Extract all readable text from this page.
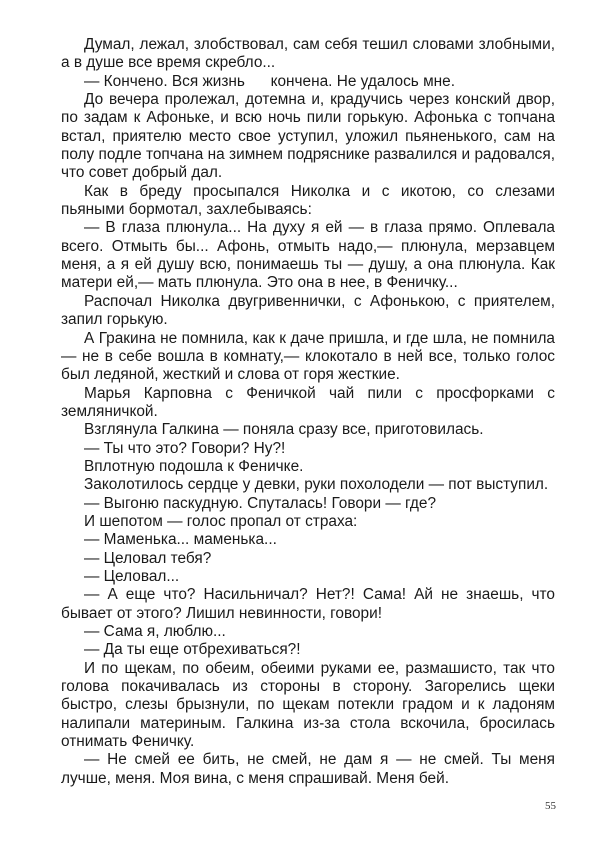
Думал, лежал, злобствовал, сам себя тешил словами злобными, а в душе все время скребло...

— Кончено. Вся жизнь      кончена. Не удалось мне.

До вечера пролежал, дотемна и, крадучись через конский двор, по задам к Афоньке, и всю ночь пили горькую. Афонька с топчана встал, приятелю место свое уступил, уложил пьяненького, сам на полу подле топчана на зимнем подряснике развалился и радовался, что совет добрый дал.

Как в бреду просыпался Николка и с икотою, со слезами пьяными бормотал, захлебываясь:

— В глаза плюнула... На духу я ей — в глаза прямо. Оплевала всего. Отмыть бы... Афонь, отмыть надо,— плюнула, мерзавцем меня, а я ей душу всю, понимаешь ты — душу, а она плюнула. Как матери ей,— мать плюнула. Это она в нее, в Феничку...

Распочал Николка двугривеннички, с Афонькою, с приятелем, запил горькую.

А Гракина не помнила, как к даче пришла, и где шла, не помнила — не в себе вошла в комнату,— клокотало в ней все, только голос был ледяной, жесткий и слова от горя жесткие.

Марья Карповна с Феничкой чай пили с просфорками с земляничкой.

Взглянула Галкина — поняла сразу все, приготовилась.

— Ты что это? Говори? Ну?!

Вплотную подошла к Феничке.

Заколотилось сердце у девки, руки похолодели — пот выступил.

— Выгоню паскудную. Спуталась! Говори — где?

И шепотом — голос пропал от страха:

— Маменька... маменька...

— Целовал тебя?

— Целовал...

— А еще что? Насильничал? Нет?! Сама! Ай не знаешь, что бывает от этого? Лишил невинности, говори!

— Сама я, люблю...

— Да ты еще отбрехиваться?!

И по щекам, по обеим, обеими руками ее, размашисто, так что голова покачивалась из стороны в сторону. Загорелись щеки быстро, слезы брызнули, по щекам потекли градом и к ладоням налипали материным. Галкина из-за стола вскочила, бросилась отнимать Феничку.

— Не смей ее бить, не смей, не дам я — не смей. Ты меня лучше, меня. Моя вина, с меня спрашивай. Меня бей.

55
